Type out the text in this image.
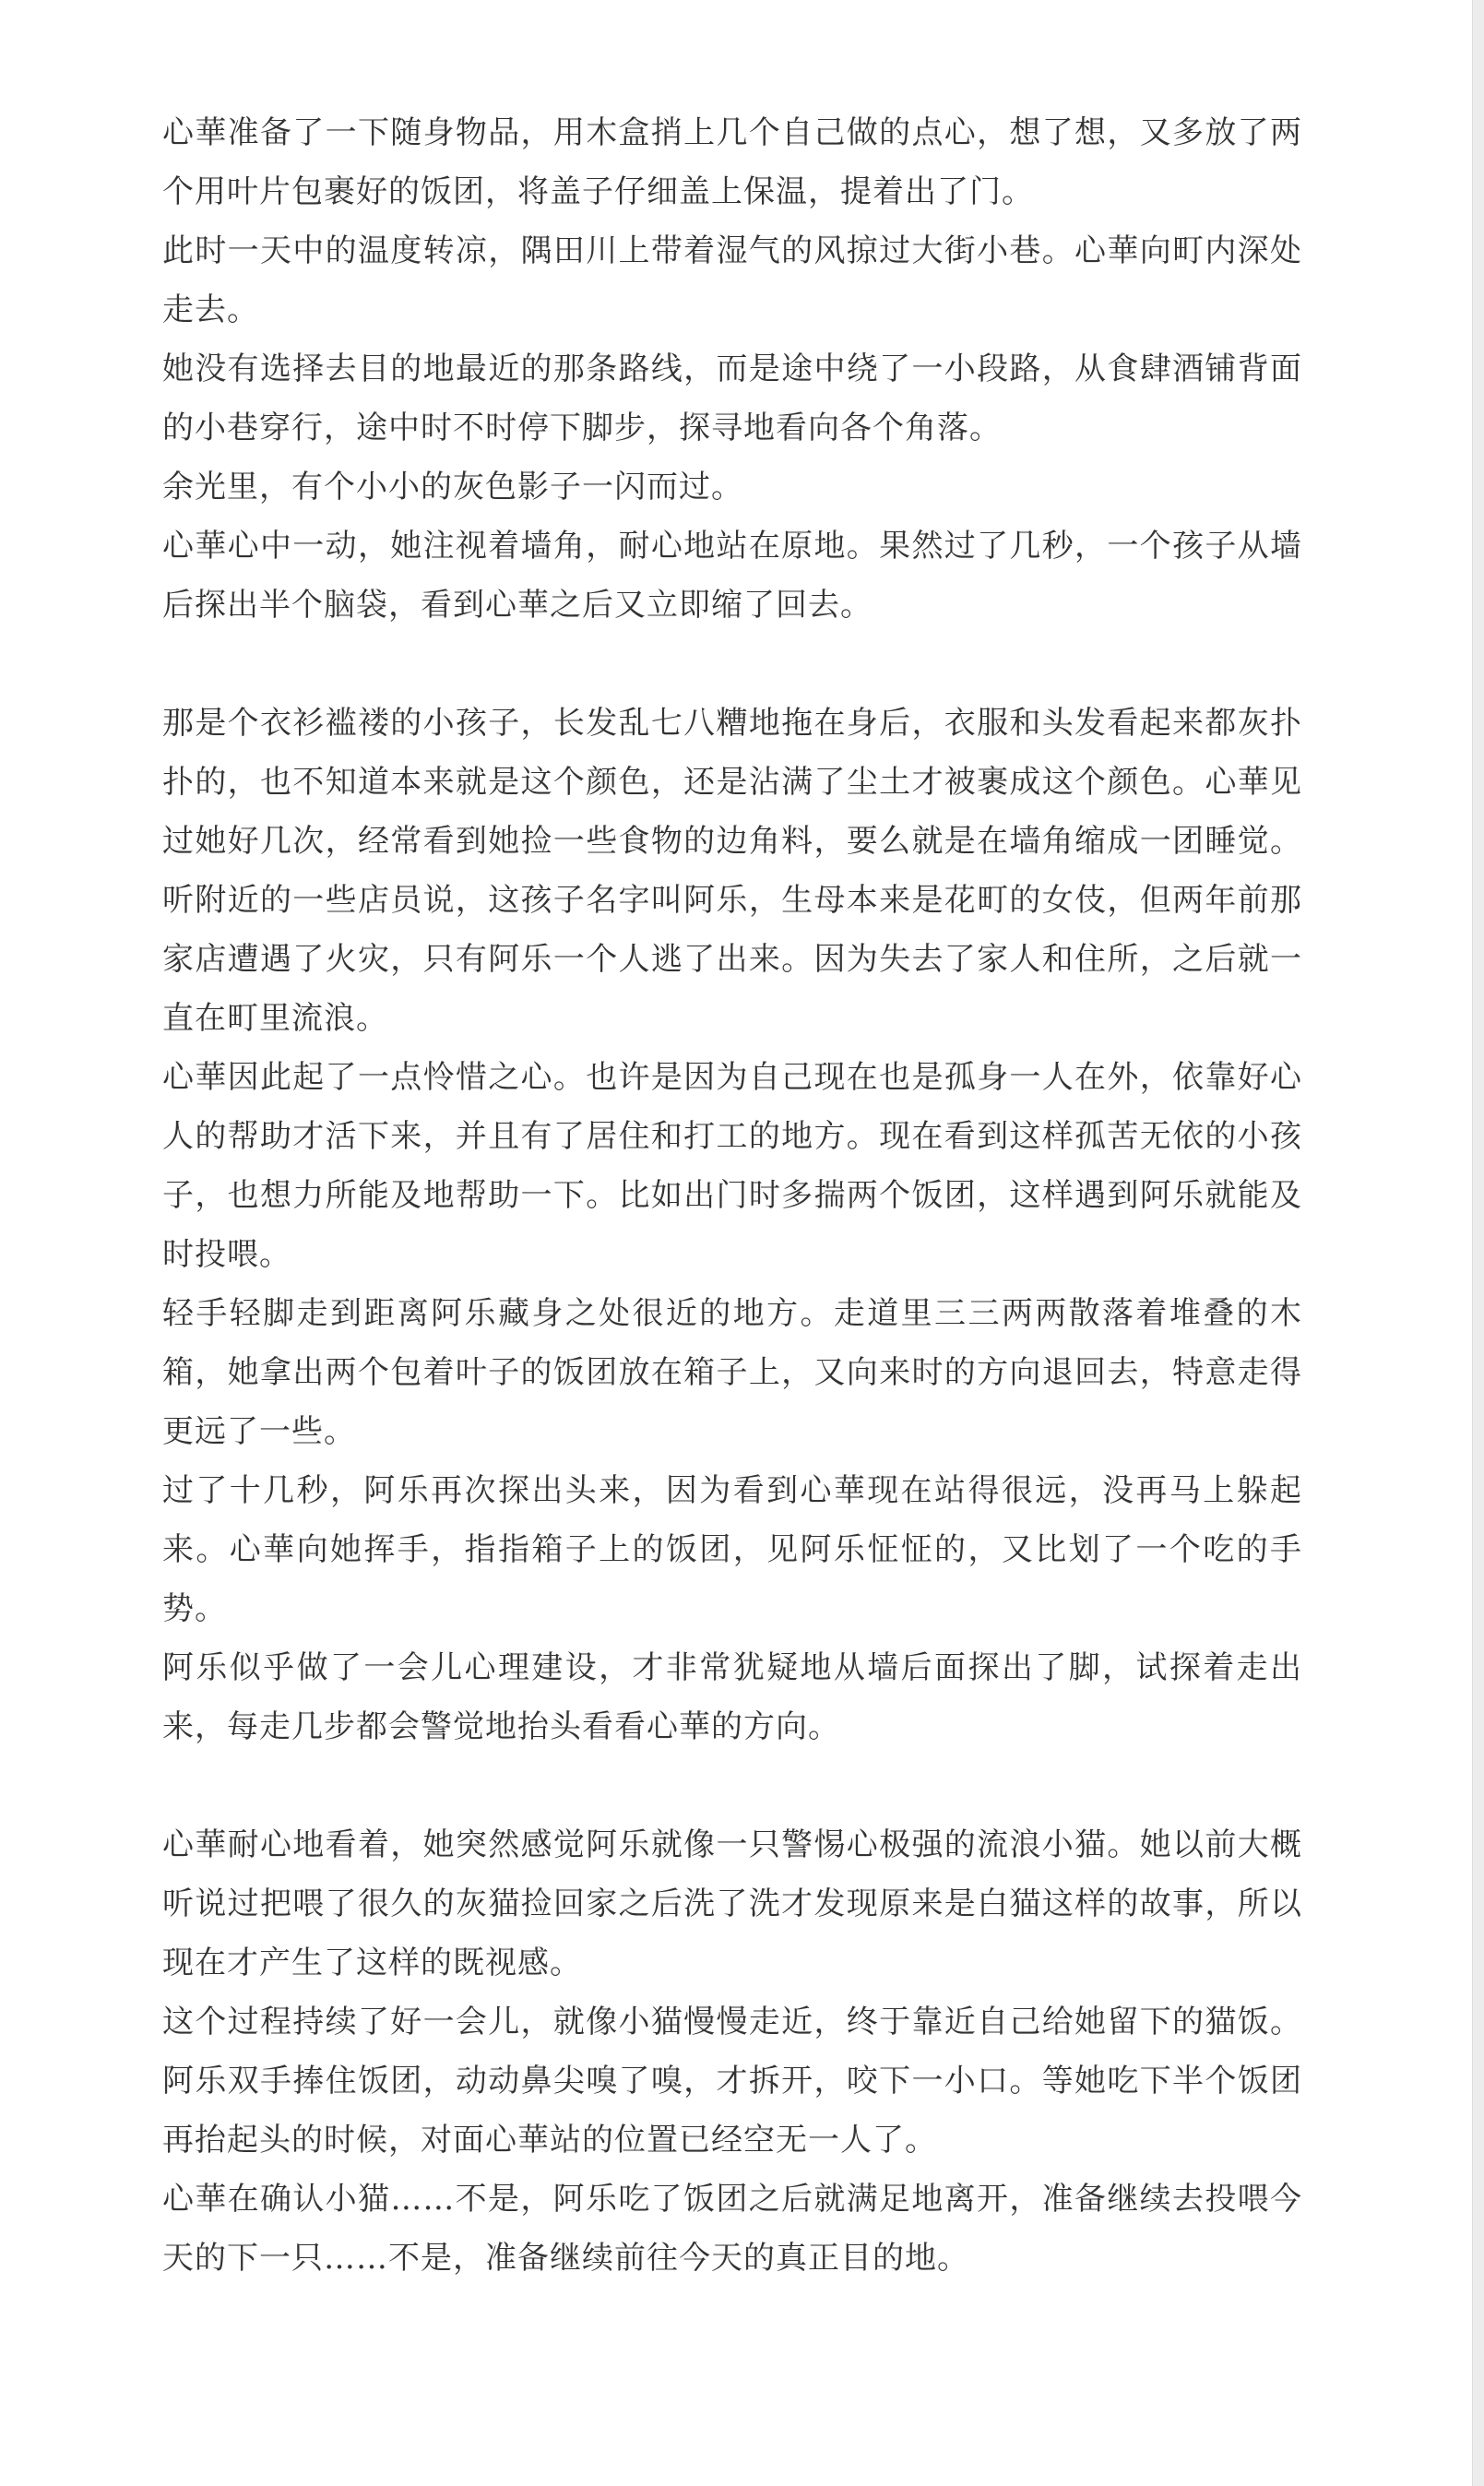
心華准备了一下随身物品，用木盒捎上几个自己做的点心，想了想，又多放了两个用叶片包裹好的饭团，将盖子仔细盖上保温，提着出了门。

此时一天中的温度转凉，隅田川上带着湿气的风掠过大街小巷。心華向町内深处走去。

她没有选择去目的地最近的那条路线，而是途中绕了一小段路，从食肆酒铺背面的小巷穿行，途中时不时停下脚步，探寻地看向各个角落。

余光里，有个小小的灰色影子一闪而过。

心華心中一动，她注视着墙角，耐心地站在原地。果然过了几秒，一个孩子从墙后探出半个脑袋，看到心華之后又立即缩了回去。

那是个衣衫褴褛的小孩子，长发乱七八糟地拖在身后，衣服和头发看起来都灰扑扑的，也不知道本来就是这个颜色，还是沾满了尘土才被裹成这个颜色。心華见过她好几次，经常看到她捡一些食物的边角料，要么就是在墙角缩成一团睡觉。听附近的一些店员说，这孩子名字叫阿乐，生母本来是花町的女伎，但两年前那家店遭遇了火灾，只有阿乐一个人逃了出来。因为失去了家人和住所，之后就一直在町里流浪。

心華因此起了一点怜惜之心。也许是因为自己现在也是孤身一人在外，依靠好心人的帮助才活下来，并且有了居住和打工的地方。现在看到这样孤苦无依的小孩子，也想力所能及地帮助一下。比如出门时多揣两个饭团，这样遇到阿乐就能及时投喂。

轻手轻脚走到距离阿乐藏身之处很近的地方。走道里三三两两散落着堆叠的木箱，她拿出两个包着叶子的饭团放在箱子上，又向来时的方向退回去，特意走得更远了一些。

过了十几秒，阿乐再次探出头来，因为看到心華现在站得很远，没再马上躲起来。心華向她挥手，指指箱子上的饭团，见阿乐怔怔的，又比划了一个吃的手势。

阿乐似乎做了一会儿心理建设，才非常犹疑地从墙后面探出了脚，试探着走出来，每走几步都会警觉地抬头看看心華的方向。

心華耐心地看着，她突然感觉阿乐就像一只警惕心极强的流浪小猫。她以前大概听说过把喂了很久的灰猫捡回家之后洗了洗才发现原来是白猫这样的故事，所以现在才产生了这样的既视感。

这个过程持续了好一会儿，就像小猫慢慢走近，终于靠近自己给她留下的猫饭。阿乐双手捧住饭团，动动鼻尖嗅了嗅，才拆开，咬下一小口。等她吃下半个饭团再抬起头的时候，对面心華站的位置已经空无一人了。

心華在确认小猫……不是，阿乐吃了饭团之后就满足地离开，准备继续去投喂今天的下一只……不是，准备继续前往今天的真正目的地。
